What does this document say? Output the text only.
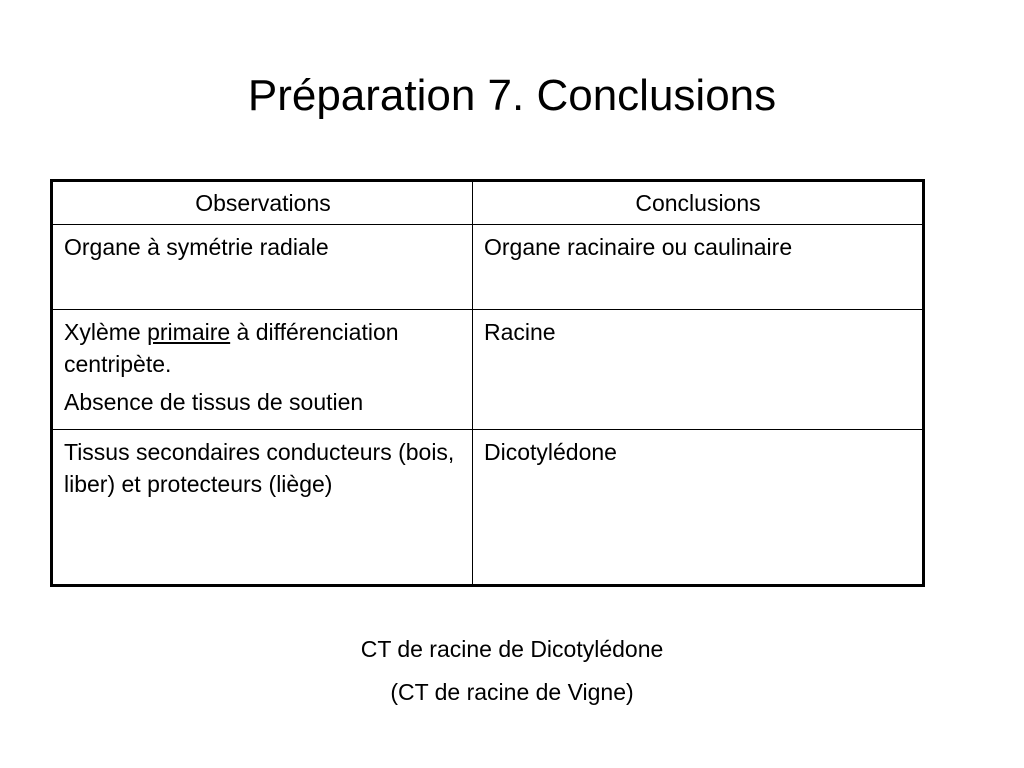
Préparation 7. Conclusions
Observations	Conclusions
Organe à symétrie radiale	Organe racinaire ou caulinaire

Xylème primaire à différenciation centripète.
Absence de tissus de soutien	Racine
Tissus secondaires conducteurs (bois, liber) et protecteurs (liège)	Dicotylédone
CT de racine de Dicotylédone
(CT de racine de Vigne)
